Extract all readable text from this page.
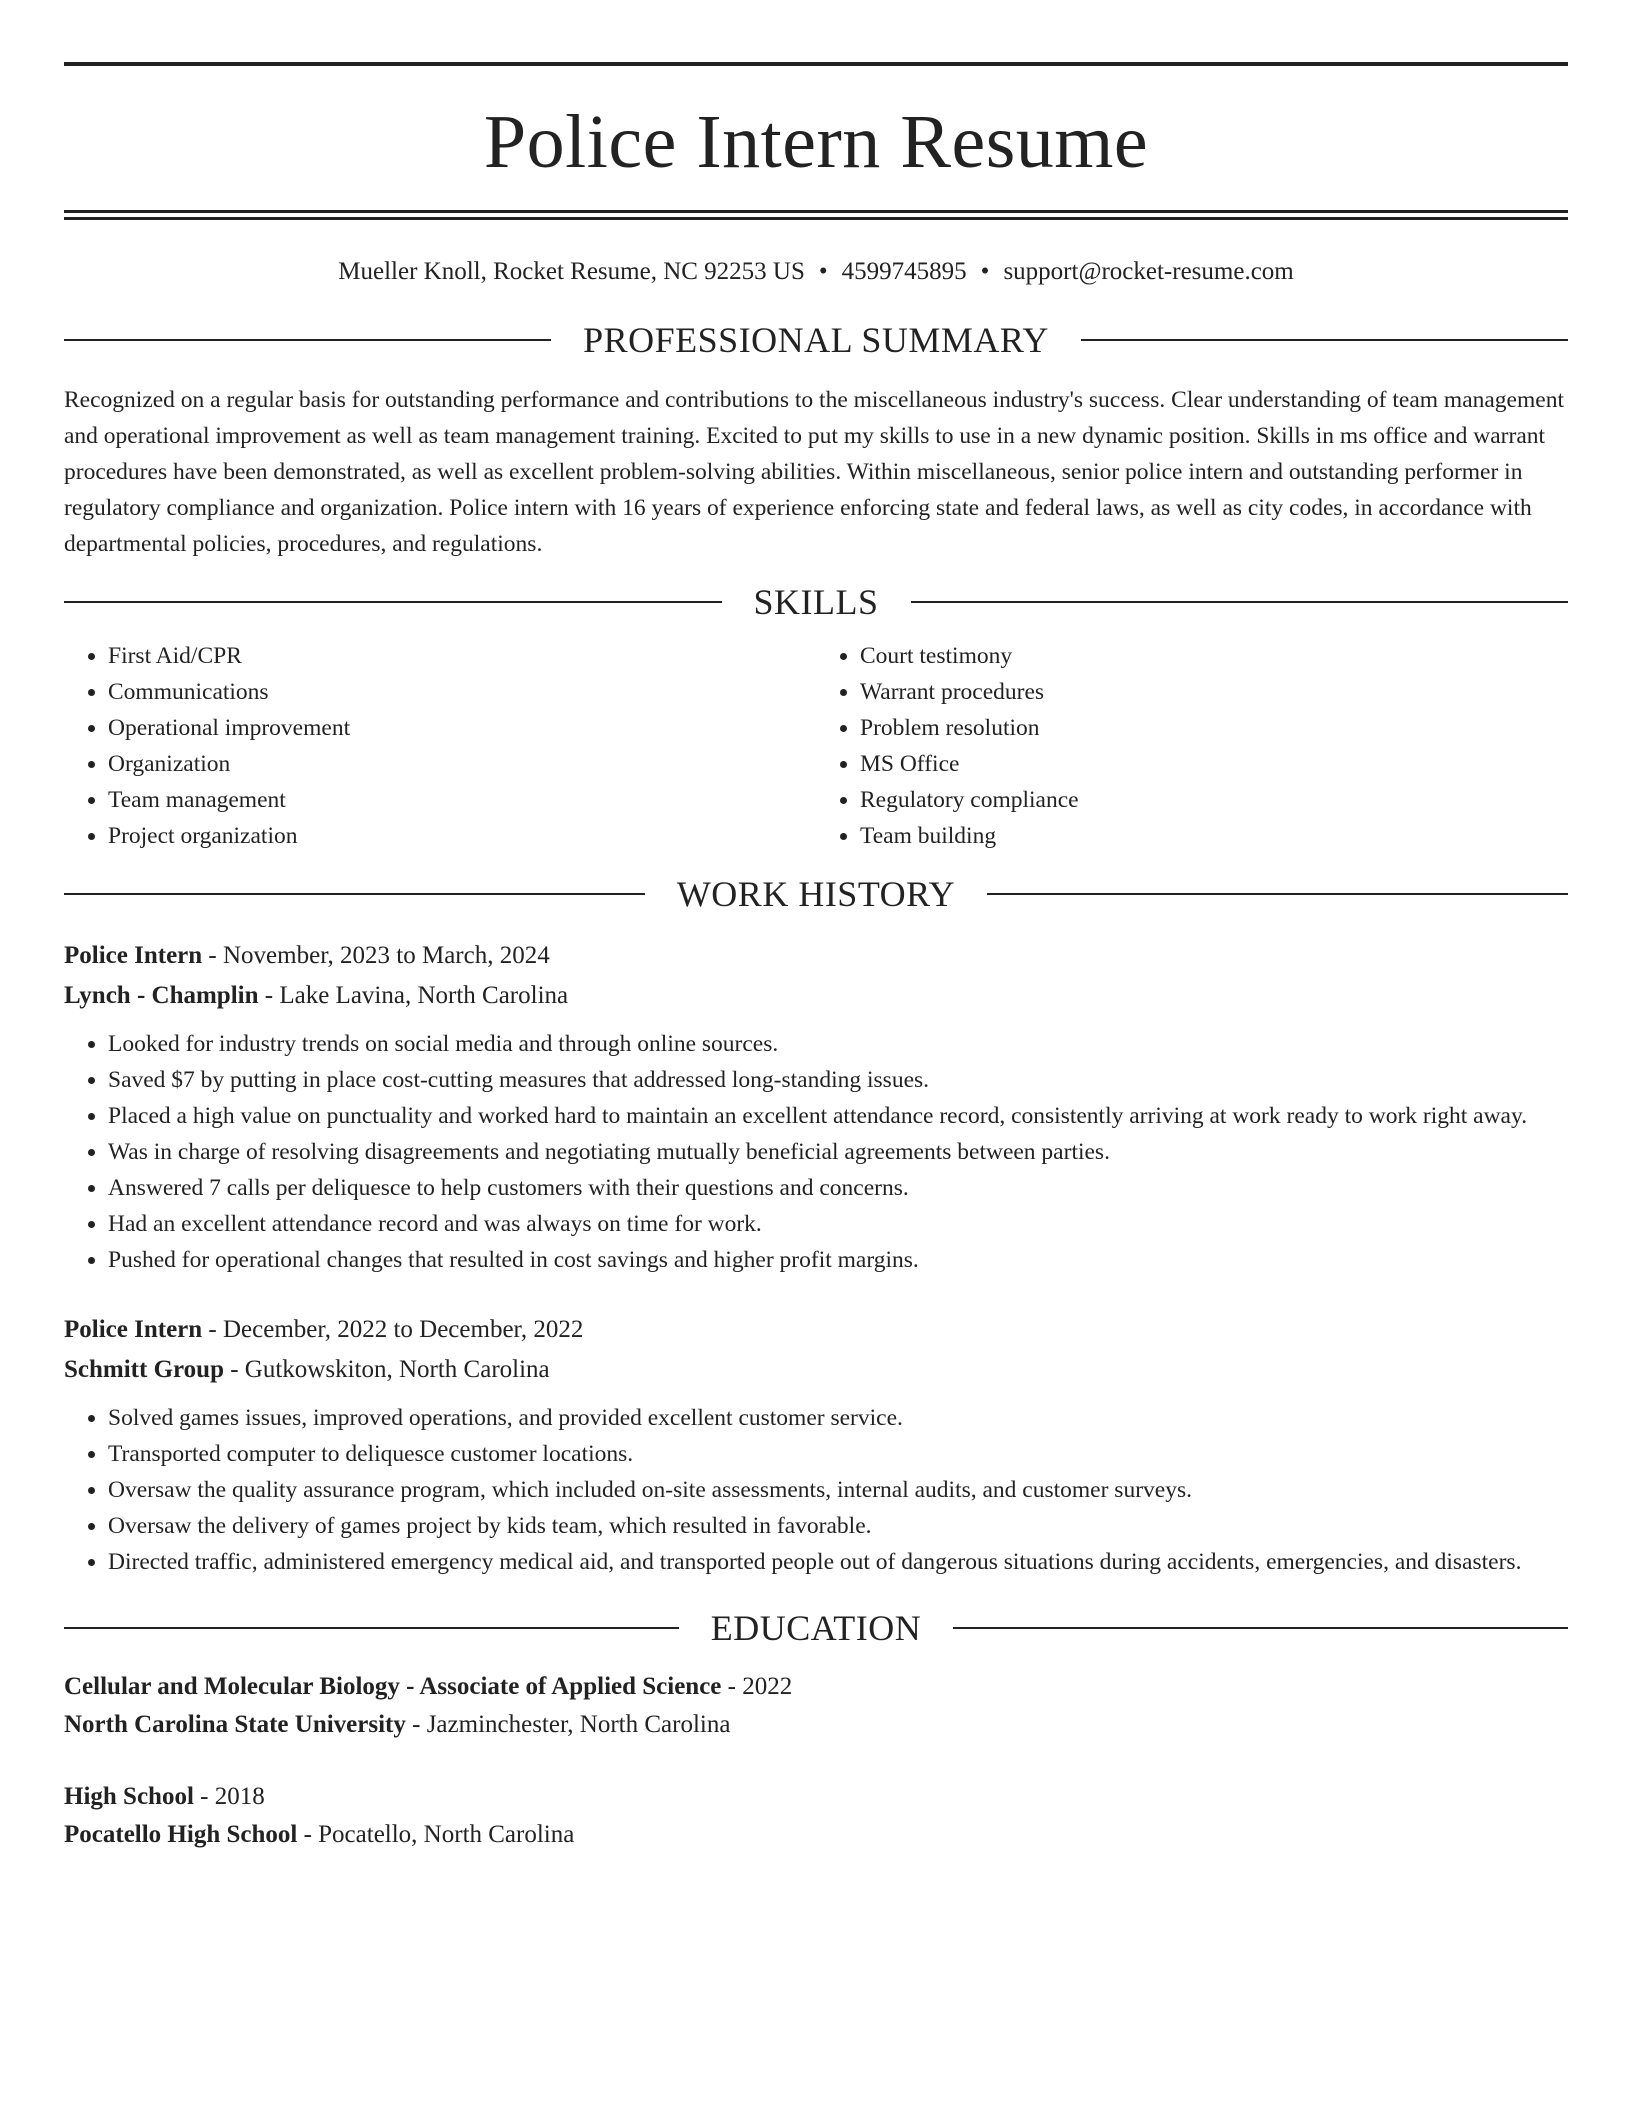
Police Intern Resume
Mueller Knoll, Rocket Resume, NC 92253 US • 4599745895 • support@rocket-resume.com
PROFESSIONAL SUMMARY

Recognized on a regular basis for outstanding performance and contributions to the miscellaneous industry's success. Clear understanding of team management and operational improvement as well as team management training. Excited to put my skills to use in a new dynamic position. Skills in ms office and warrant procedures have been demonstrated, as well as excellent problem-solving abilities. Within miscellaneous, senior police intern and outstanding performer in regulatory compliance and organization. Police intern with 16 years of experience enforcing state and federal laws, as well as city codes, in accordance with departmental policies, procedures, and regulations.

SKILLS
• First Aid/CPR
• Communications
• Operational improvement
• Organization
• Team management
• Project organization
• Court testimony
• Warrant procedures
• Problem resolution
• MS Office
• Regulatory compliance
• Team building
WORK HISTORY
Police Intern - November, 2023 to March, 2024
Lynch - Champlin - Lake Lavina, North Carolina
• Looked for industry trends on social media and through online sources.
• Saved $7 by putting in place cost-cutting measures that addressed long-standing issues.
• Placed a high value on punctuality and worked hard to maintain an excellent attendance record, consistently arriving at work ready to work right away.
• Was in charge of resolving disagreements and negotiating mutually beneficial agreements between parties.
• Answered 7 calls per deliquesce to help customers with their questions and concerns.
• Had an excellent attendance record and was always on time for work.
• Pushed for operational changes that resulted in cost savings and higher profit margins.
Police Intern - December, 2022 to December, 2022
Schmitt Group - Gutkowskiton, North Carolina
• Solved games issues, improved operations, and provided excellent customer service.
• Transported computer to deliquesce customer locations.
• Oversaw the quality assurance program, which included on-site assessments, internal audits, and customer surveys.
• Oversaw the delivery of games project by kids team, which resulted in favorable.
• Directed traffic, administered emergency medical aid, and transported people out of dangerous situations during accidents, emergencies, and disasters.
EDUCATION
Cellular and Molecular Biology - Associate of Applied Science - 2022
North Carolina State University - Jazminchester, North Carolina
High School - 2018
Pocatello High School - Pocatello, North Carolina
